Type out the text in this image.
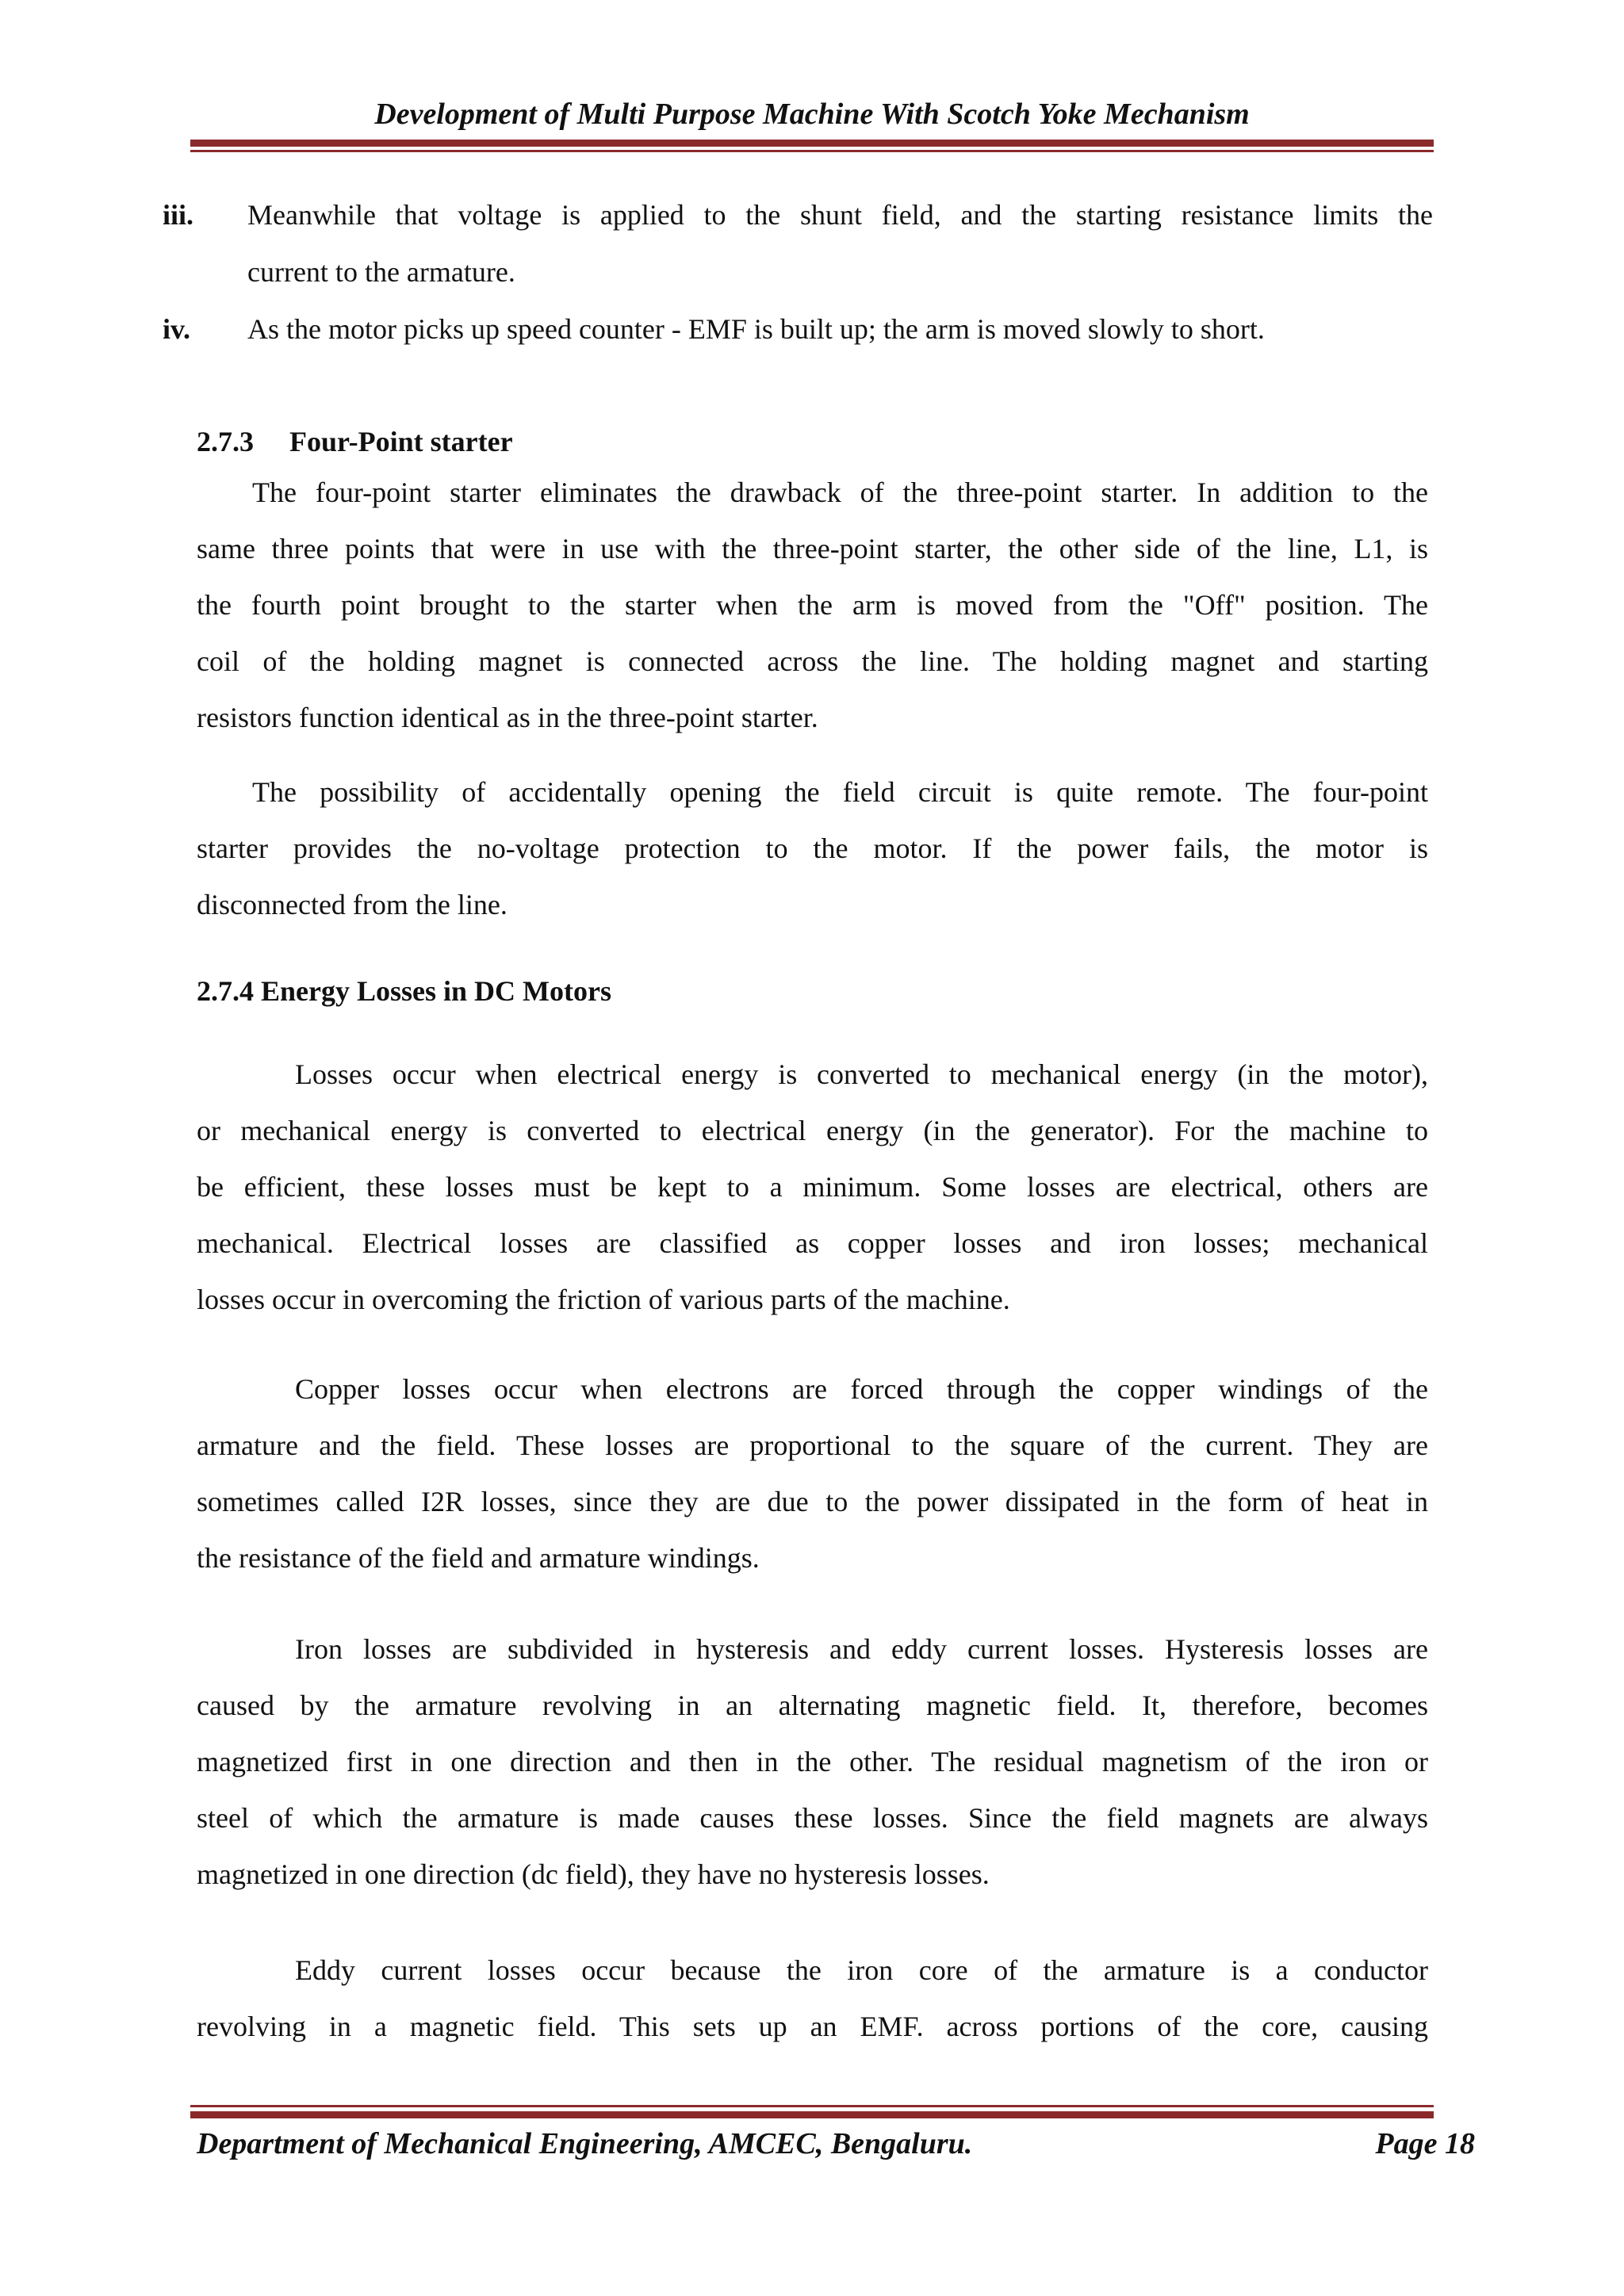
Development of Multi Purpose Machine With Scotch Yoke Mechanism
iii. Meanwhile that voltage is applied to the shunt field, and the starting resistance limits the
current to the armature.
iv. As the motor picks up speed counter - EMF is built up; the arm is moved slowly to short.
2.7.3     Four-Point starter
The four-point starter eliminates the drawback of the three-point starter. In addition to the
same three points that were in use with the three-point starter, the other side of the line, L1, is
the fourth point brought to the starter when the arm is moved from the "Off" position. The
coil of the holding magnet is connected across the line. The holding magnet and starting
resistors function identical as in the three-point starter.
The possibility of accidentally opening the field circuit is quite remote. The four-point
starter provides the no-voltage protection to the motor. If the power fails, the motor is
disconnected from the line.
2.7.4 Energy Losses in DC Motors
Losses occur when electrical energy is converted to mechanical energy (in the motor),
or mechanical energy is converted to electrical energy (in the generator). For the machine to
be efficient, these losses must be kept to a minimum. Some losses are electrical, others are
mechanical. Electrical losses are classified as copper losses and iron losses; mechanical
losses occur in overcoming the friction of various parts of the machine.
Copper losses occur when electrons are forced through the copper windings of the
armature and the field. These losses are proportional to the square of the current. They are
sometimes called I2R losses, since they are due to the power dissipated in the form of heat in
the resistance of the field and armature windings.
Iron losses are subdivided in hysteresis and eddy current losses. Hysteresis losses are
caused by the armature revolving in an alternating magnetic field. It, therefore, becomes
magnetized first in one direction and then in the other. The residual magnetism of the iron or
steel of which the armature is made causes these losses. Since the field magnets are always
magnetized in one direction (dc field), they have no hysteresis losses.
Eddy current losses occur because the iron core of the armature is a conductor
revolving in a magnetic field. This sets up an EMF. across portions of the core, causing
Department of Mechanical Engineering, AMCEC, Bengaluru.	Page 18
